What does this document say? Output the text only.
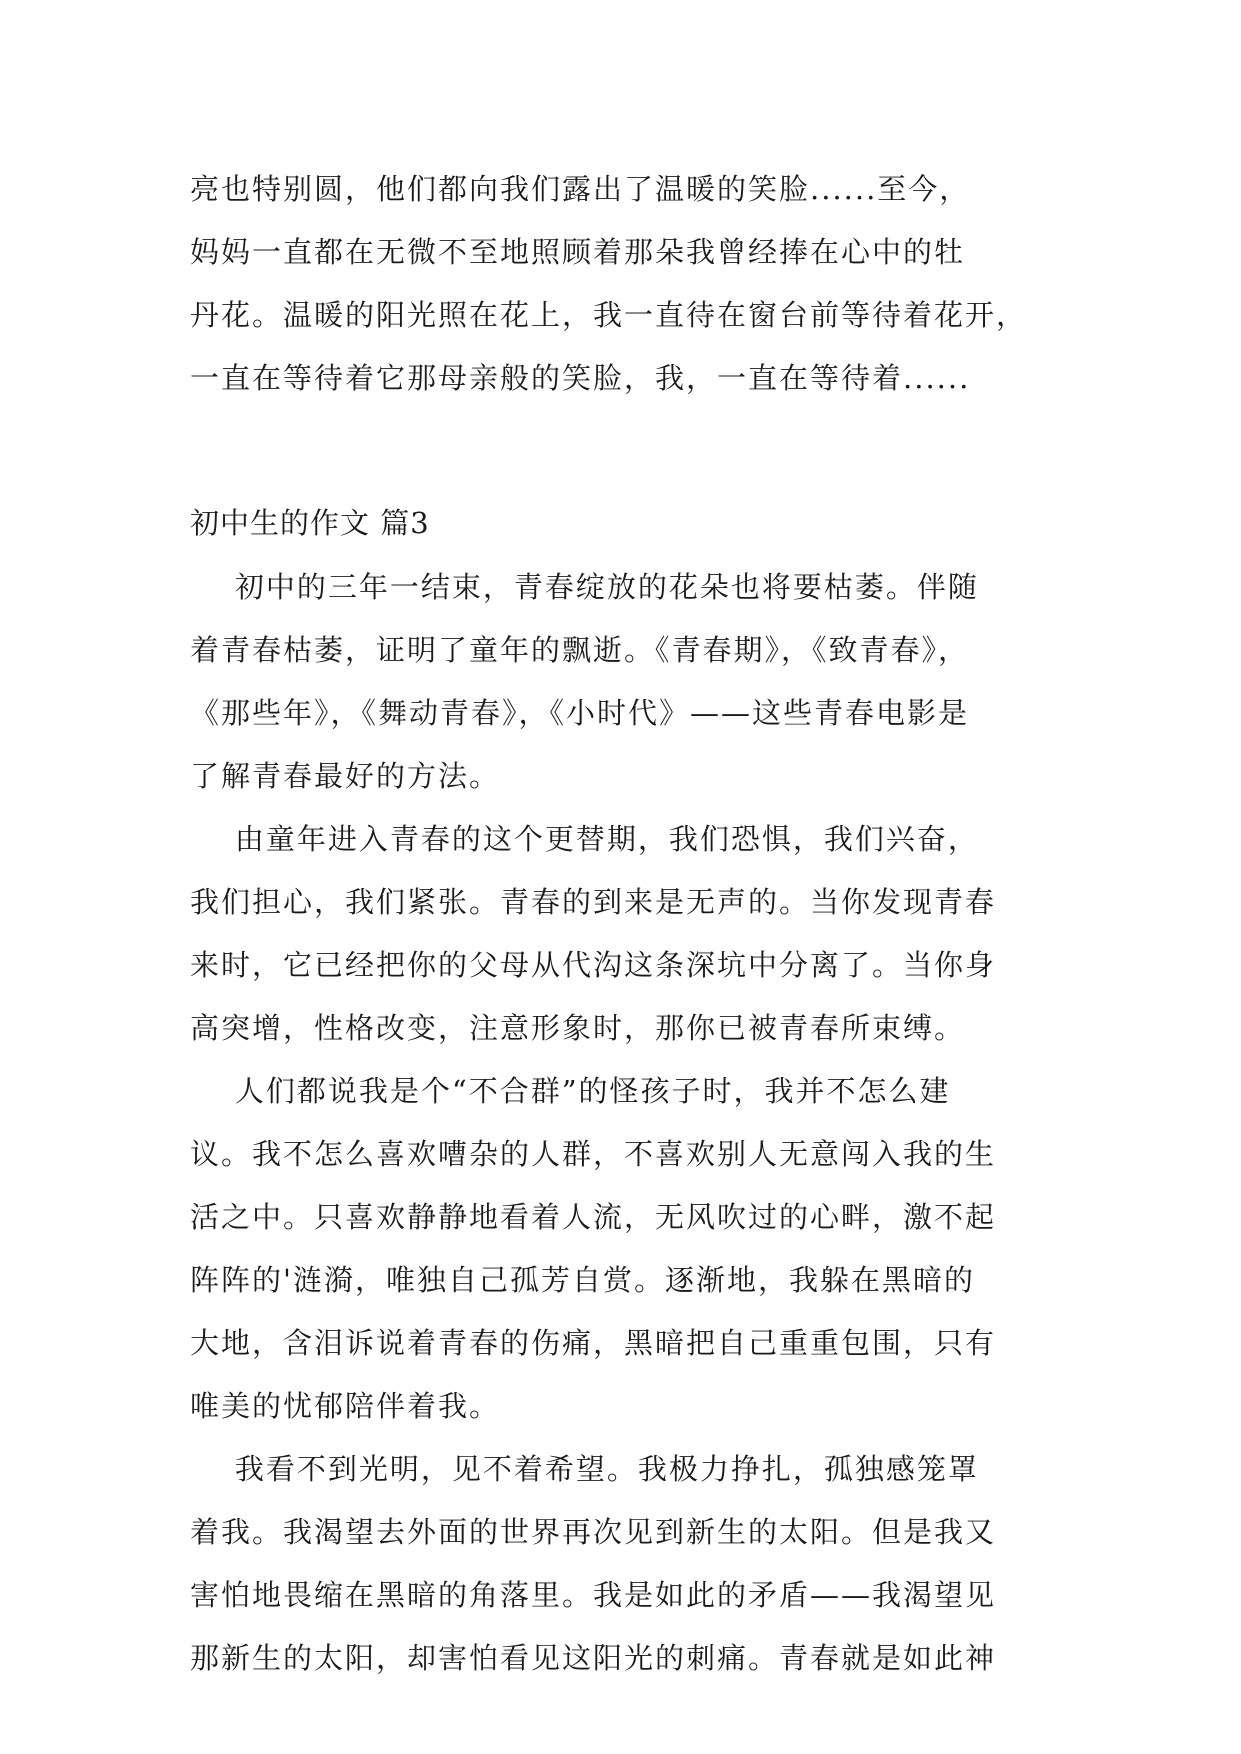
亮也特别圆，他们都向我们露出了温暖的笑脸......至今，
妈妈一直都在无微不至地照顾着那朵我曾经捧在心中的牡
丹花。温暖的阳光照在花上，我一直待在窗台前等待着花开，
一直在等待着它那母亲般的笑脸，我，一直在等待着......
初中生的作文 篇3
初中的三年一结束，青春绽放的花朵也将要枯萎。伴随
着青春枯萎，证明了童年的飘逝。《青春期》，《致青春》，
《那些年》，《舞动青春》，《小时代》——这些青春电影是
了解青春最好的方法。
由童年进入青春的这个更替期，我们恐惧，我们兴奋，
我们担心，我们紧张。青春的到来是无声的。当你发现青春
来时，它已经把你的父母从代沟这条深坑中分离了。当你身
高突增，性格改变，注意形象时，那你已被青春所束缚。
人们都说我是个“不合群”的怪孩子时，我并不怎么建
议。我不怎么喜欢嘈杂的人群，不喜欢别人无意闯入我的生
活之中。只喜欢静静地看着人流，无风吹过的心畔，激不起
阵阵的'涟漪，唯独自己孤芳自赏。逐渐地，我躲在黑暗的
大地，含泪诉说着青春的伤痛，黑暗把自己重重包围，只有
唯美的忧郁陪伴着我。
我看不到光明，见不着希望。我极力挣扎，孤独感笼罩
着我。我渴望去外面的世界再次见到新生的太阳。但是我又
害怕地畏缩在黑暗的角落里。我是如此的矛盾——我渴望见
那新生的太阳，却害怕看见这阳光的刺痛。青春就是如此神
